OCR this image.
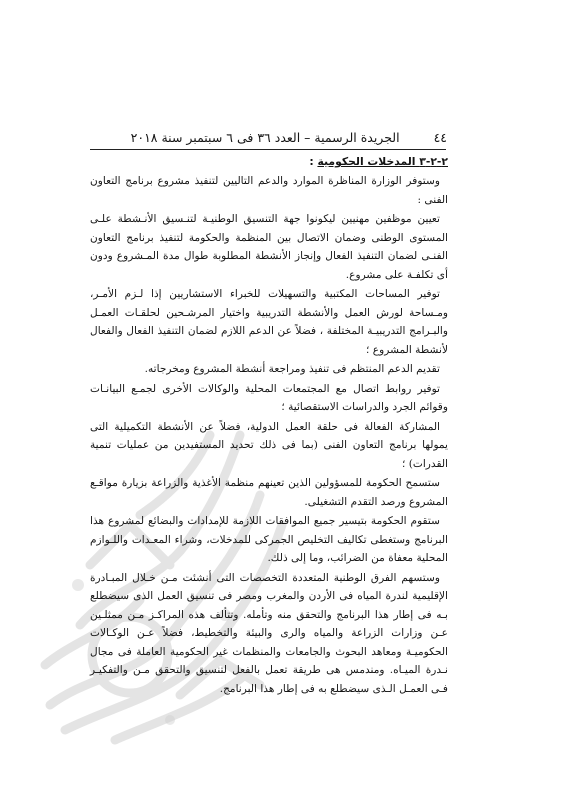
٤٤
الجريدة الرسمية – العدد ٣٦ فى ٦ سبتمبر سنة ٢٠١٨

٢-٢-٣ المدخلات الحكومية :

وستوفر الوزارة المناظرة الموارد والدعم التاليين لتنفيذ مشروع برنامج التعاون الفنى :

تعيين موظفين مهنيين ليكونوا جهة التنسيق الوطنيـة لتنـسيق الأنـشطة علـى المستوى الوطنى وضمان الاتصال بين المنظمة والحكومة لتنفيذ برنامج التعاون الفنـى لضمان التنفيذ الفعال وإنجاز الأنشطة المطلوبة طوال مدة المـشروع ودون أى تكلفـة على مشروع.

توفير المساحات المكتبية والتسهيلات للخبراء الاستشاريين إذا لـزم الأمـر، ومـساحة لورش العمل والأنشطة التدريبية واختيار المرشـحين لحلقـات العمـل والبـرامج التدريبيـة المختلفة ، فضلاً عن الدعم اللازم لضمان التنفيذ الفعال والفعال لأنشطة المشروع ؛

تقديم الدعم المنتظم فى تنفيذ ومراجعة أنشطة المشروع ومخرجاته.

توفير روابط اتصال مع المجتمعات المحلية والوكالات الأخرى لجمـع البيانـات وقوائم الجرد والدراسات الاستقصائية ؛

المشاركة الفعالة فى حلقة العمل الدولية، فضلاً عن الأنشطة التكميلية التى يمولها برنامج التعاون الفنى (بما فى ذلك تحديد المستفيدين من عمليات تنمية القدرات) ؛

ستسمح الحكومة للمسؤولين الذين تعينهم منظمة الأغذية والزراعة بزيارة مواقـع المشروع ورصد التقدم التشغيلى.

ستقوم الحكومة بتيسير جميع الموافقات اللازمة للإمدادات والبضائع لمشروع هذا البرنامج وستغطى تكاليف التخليص الجمركى للمدخلات، وشراء المعـدات واللـوازم المحلية معفاة من الضرائب، وما إلى ذلك.

وستسهم الفرق الوطنية المتعددة التخصصات التى أنشئت مـن خـلال المبـادرة الإقليمية لندرة المياه فى الأردن والمغرب ومصر فى تنسيق العمل الذى سيضطلع بـه فى إطار هذا البرنامج والتحقق منه وتأمله. وتتألف هذه المراكـز مـن ممثلـين عـن وزارات الزراعة والمياه والرى والبيئة والتخطيط، فضلاً عـن الوكـالات الحكوميـة ومعاهد البحوث والجامعات والمنظمات غير الحكومية العاملة فى مجال نـدرة الميـاه. ومندمس هى طريقة تعمل بالفعل لتنسيق والتحقق مـن والتفكيـر فـى العمـل الـذى سيضطلع به فى إطار هذا البرنامج.
